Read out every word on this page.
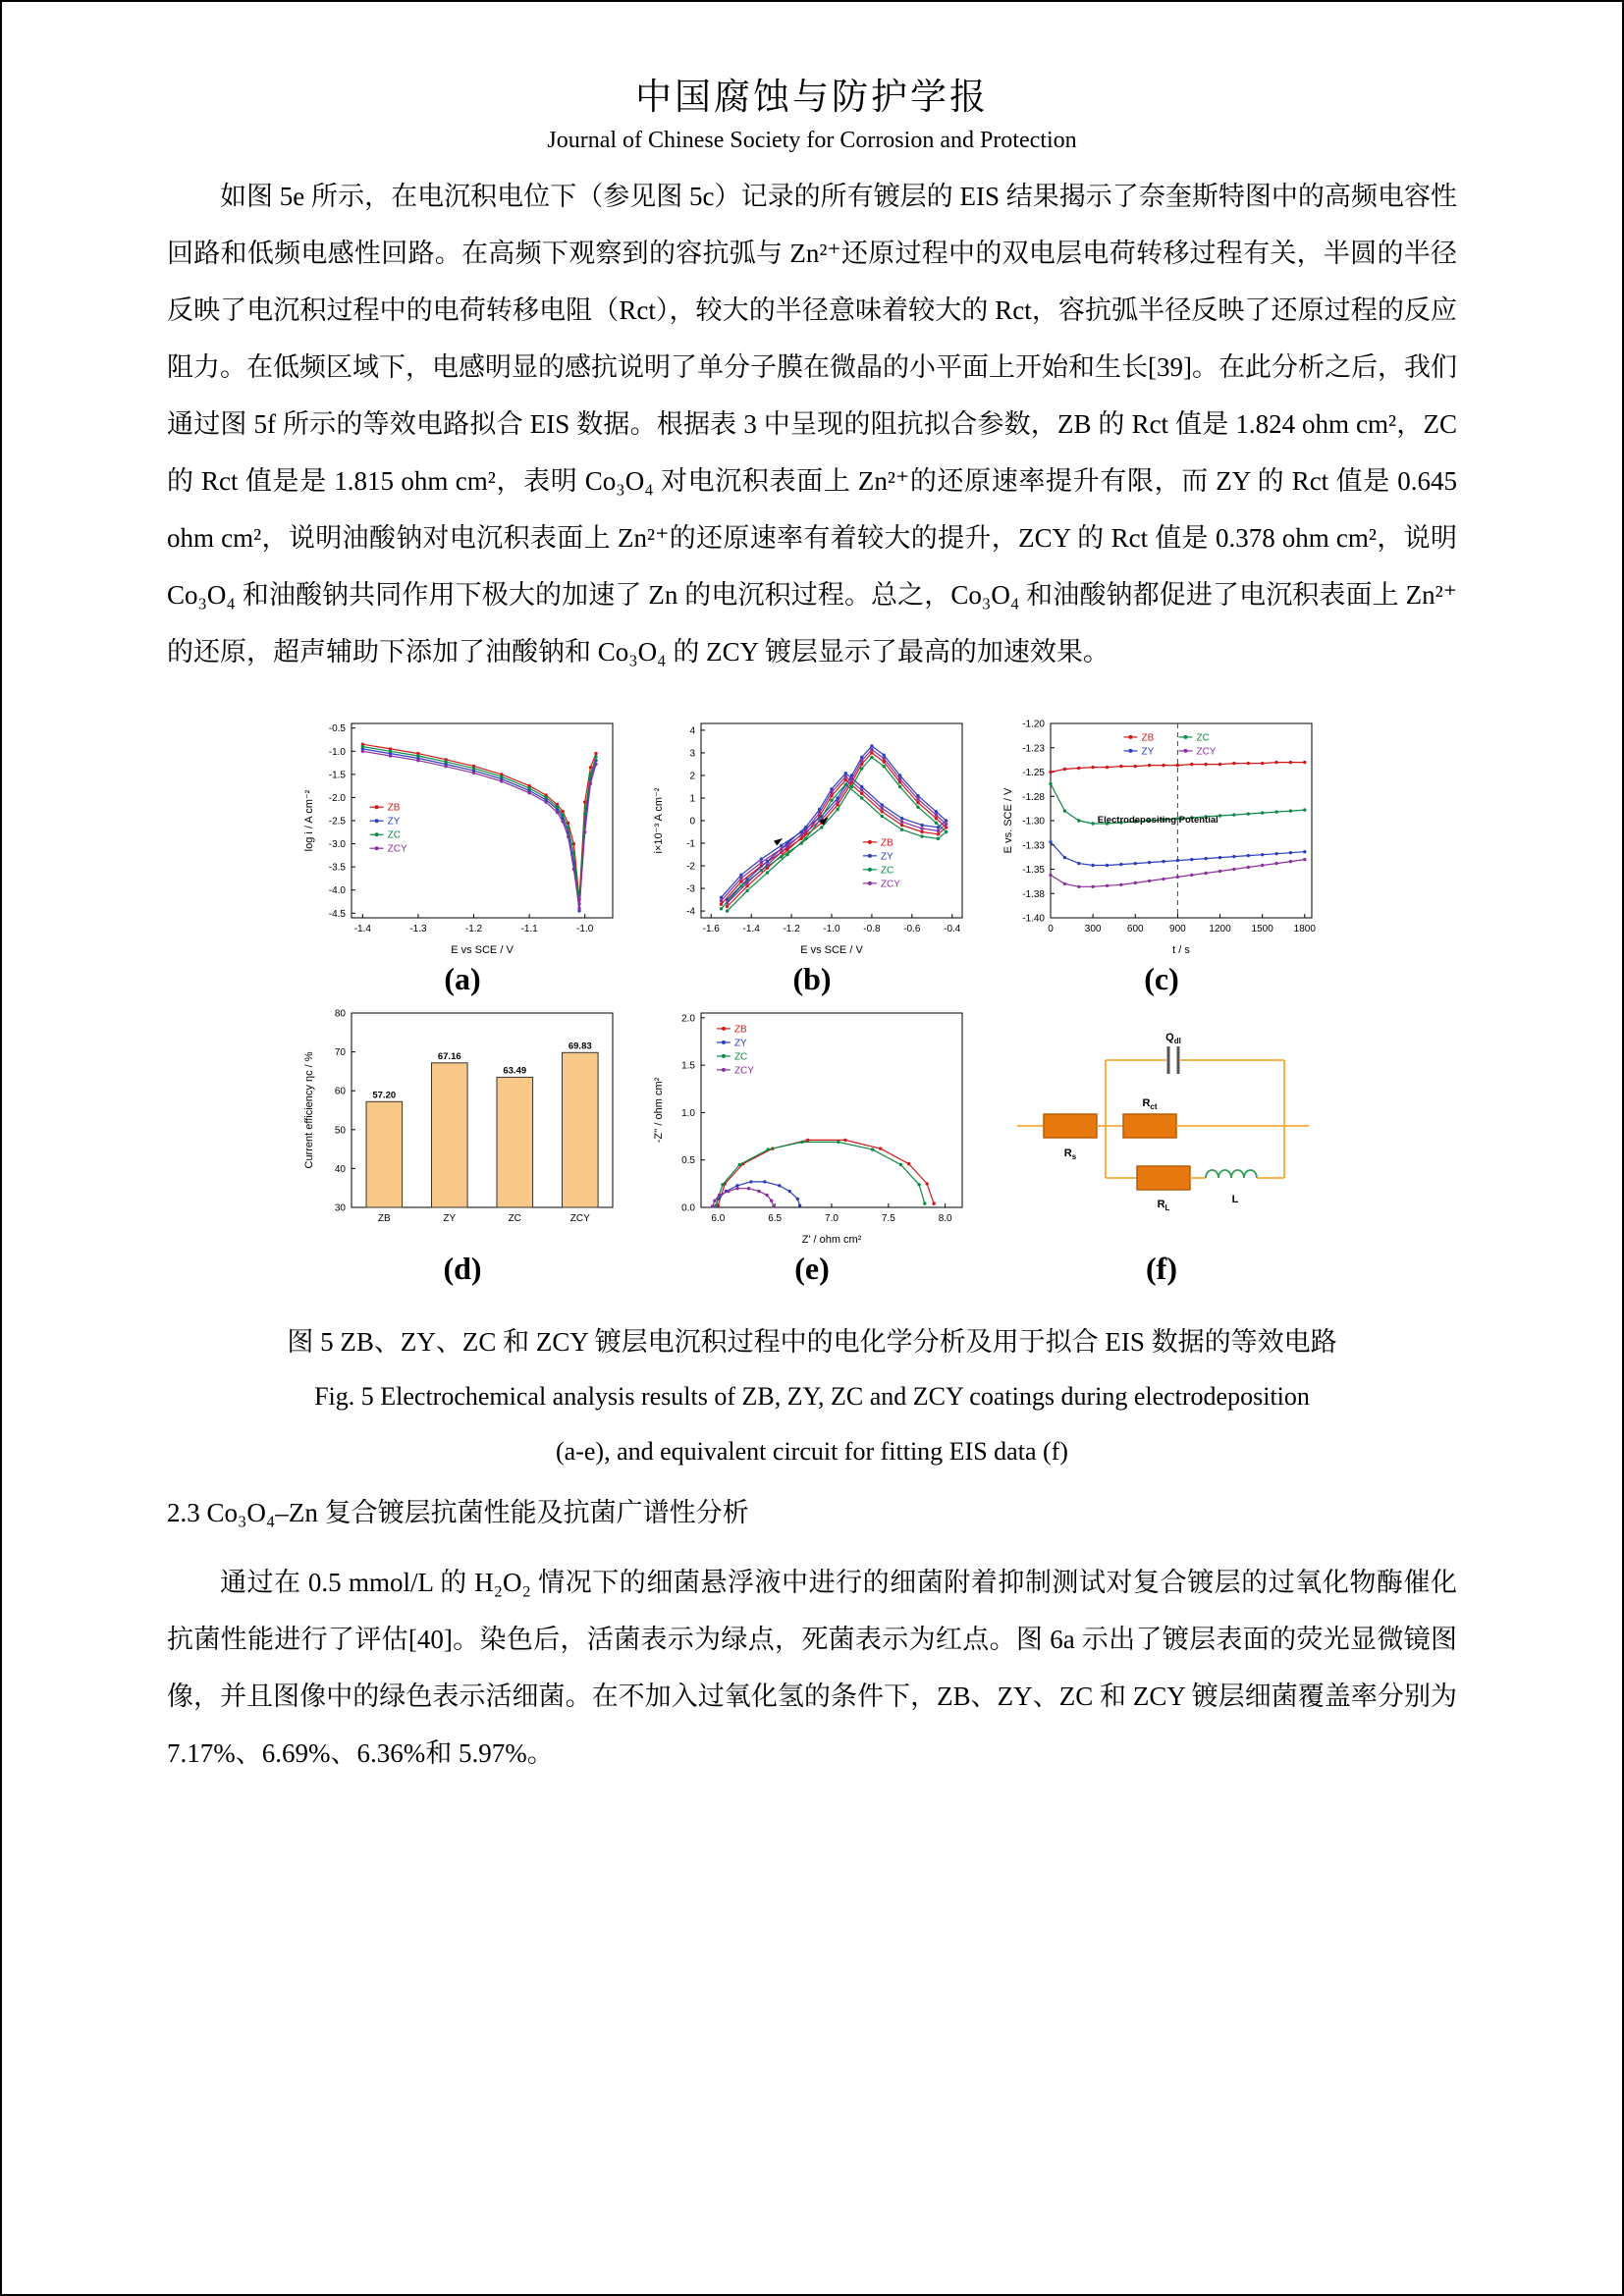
中国腐蚀与防护学报
Journal of Chinese Society for Corrosion and Protection

如图 5e 所示，在电沉积电位下（参见图 5c）记录的所有镀层的 EIS 结果揭示了奈奎斯特图中的高频电容性回路和低频电感性回路。在高频下观察到的容抗弧与 Zn²⁺还原过程中的双电层电荷转移过程有关，半圆的半径反映了电沉积过程中的电荷转移电阻（Rct），较大的半径意味着较大的 Rct，容抗弧半径反映了还原过程的反应阻力。在低频区域下，电感明显的感抗说明了单分子膜在微晶的小平面上开始和生长[39]。在此分析之后，我们通过图 5f 所示的等效电路拟合 EIS 数据。根据表 3 中呈现的阻抗拟合参数，ZB 的 Rct 值是 1.824 ohm cm²，ZC 的 Rct 值是是 1.815 ohm cm²，表明 Co₃O₄ 对电沉积表面上 Zn²⁺的还原速率提升有限，而 ZY 的 Rct 值是 0.645 ohm cm²，说明油酸钠对电沉积表面上 Zn²⁺的还原速率有着较大的提升，ZCY 的 Rct 值是 0.378 ohm cm²，说明 Co₃O₄ 和油酸钠共同作用下极大的加速了 Zn 的电沉积过程。总之，Co₃O₄ 和油酸钠都促进了电沉积表面上 Zn²⁺的还原，超声辅助下添加了油酸钠和 Co₃O₄ 的 ZCY 镀层显示了最高的加速效果。

-1.4	-1.3	-1.2	-1.1	-1.0
-0.5
-1.0
-1.5
-2.0
-2.5
-3.0
-3.5
-4.0
-4.5
E vs SCE / V
log i / A cm⁻²	ZB
ZY
ZC
ZCY
(a)
-1.6 -1.4 -1.2 -1.0 -0.8 -0.6 -0.4
-4
-3
-2
-1
0
1
2
3
4
E vs SCE / V
i×10⁻³ A cm⁻²	ZB
ZY
ZC
ZCY
(b)
0	300	600	900 1200 1500 1800
-1.20
-1.23
-1.25
-1.28
-1.30
-1.33
-1.35
-1.38
-1.40
t / s
E vs. SCE / V	Electrodepositing Potential
ZB	ZC
ZY	ZCY
(c)
30
40
50
60
70
80
Current efficiency ηc / %	57.20
ZB
67.16
ZY
63.49
ZC
69.83
ZCY
(d)
6.0	6.5	7.0	7.5	8.0
0.0
0.5
1.0
1.5
2.0
Z' / ohm cm²
-Z'' / ohm cm²
ZB
ZY
ZC
ZCY
(e)
$R_s$
$Q_{dl}$
$R_{ct}$
$R_L$
L
(f)
图 5 ZB、ZY、ZC 和 ZCY 镀层电沉积过程中的电化学分析及用于拟合 EIS 数据的等效电路
Fig. 5 Electrochemical analysis results of ZB, ZY, ZC and ZCY coatings during electrodeposition
(a-e), and equivalent circuit for fitting EIS data (f)
2.3 Co₃O₄–Zn 复合镀层抗菌性能及抗菌广谱性分析

通过在 0.5 mmol/L 的 H₂O₂ 情况下的细菌悬浮液中进行的细菌附着抑制测试对复合镀层的过氧化物酶催化抗菌性能进行了评估[40]。染色后，活菌表示为绿点，死菌表示为红点。图 6a 示出了镀层表面的荧光显微镜图像，并且图像中的绿色表示活细菌。在不加入过氧化氢的条件下，ZB、ZY、ZC 和 ZCY 镀层细菌覆盖率分别为 7.17%、6.69%、6.36%和 5.97%。
